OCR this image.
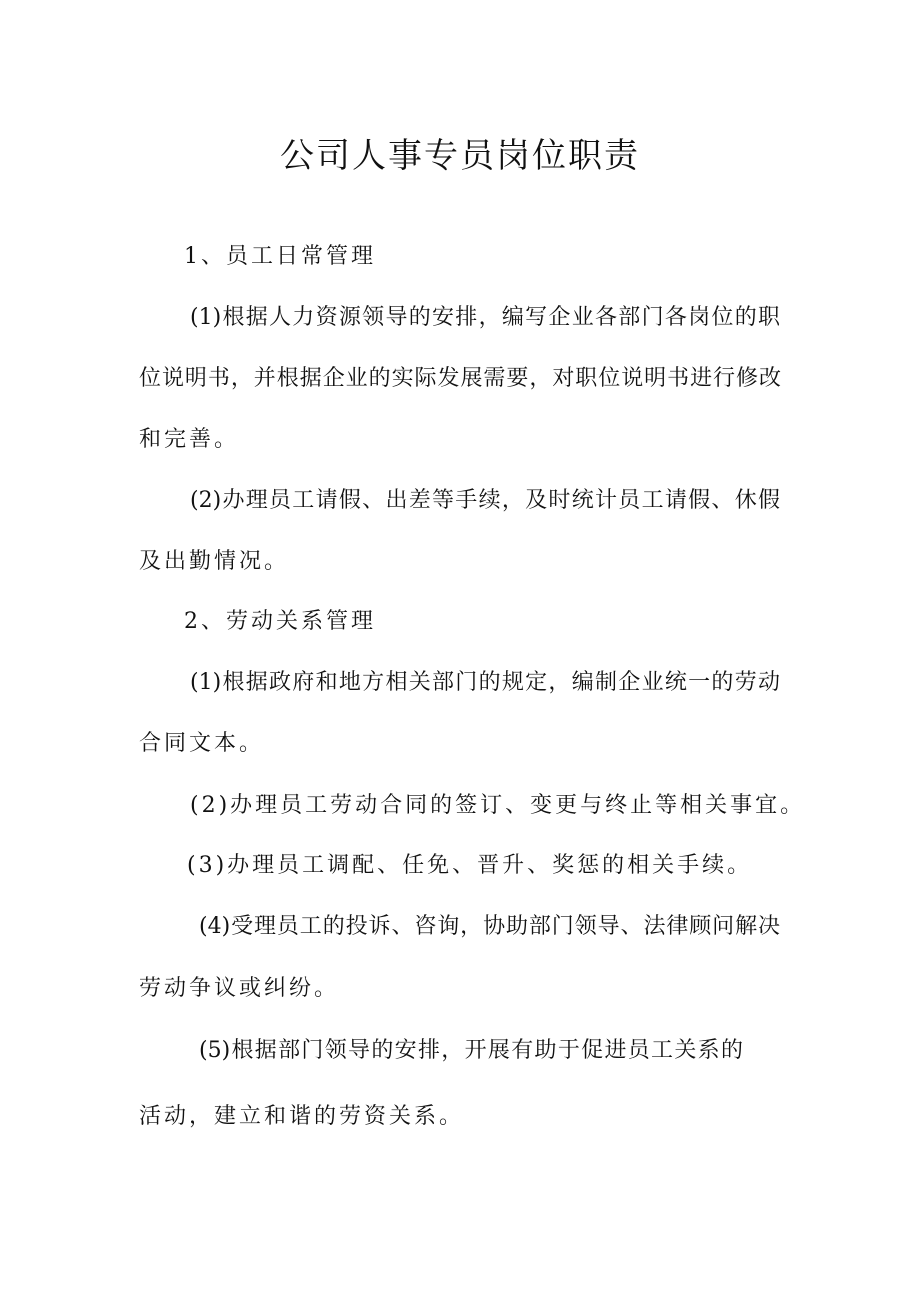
公司人事专员岗位职责

1、员工日常管理

(1)根据人力资源领导的安排，编写企业各部门各岗位的职

位说明书，并根据企业的实际发展需要，对职位说明书进行修改

和完善。

(2)办理员工请假、出差等手续，及时统计员工请假、休假

及出勤情况。

2、劳动关系管理

(1)根据政府和地方相关部门的规定，编制企业统一的劳动

合同文本。

(2)办理员工劳动合同的签订、变更与终止等相关事宜。

(3)办理员工调配、任免、晋升、奖惩的相关手续。

(4)受理员工的投诉、咨询，协助部门领导、法律顾问解决

劳动争议或纠纷。

(5)根据部门领导的安排，开展有助于促进员工关系的

活动，建立和谐的劳资关系。
